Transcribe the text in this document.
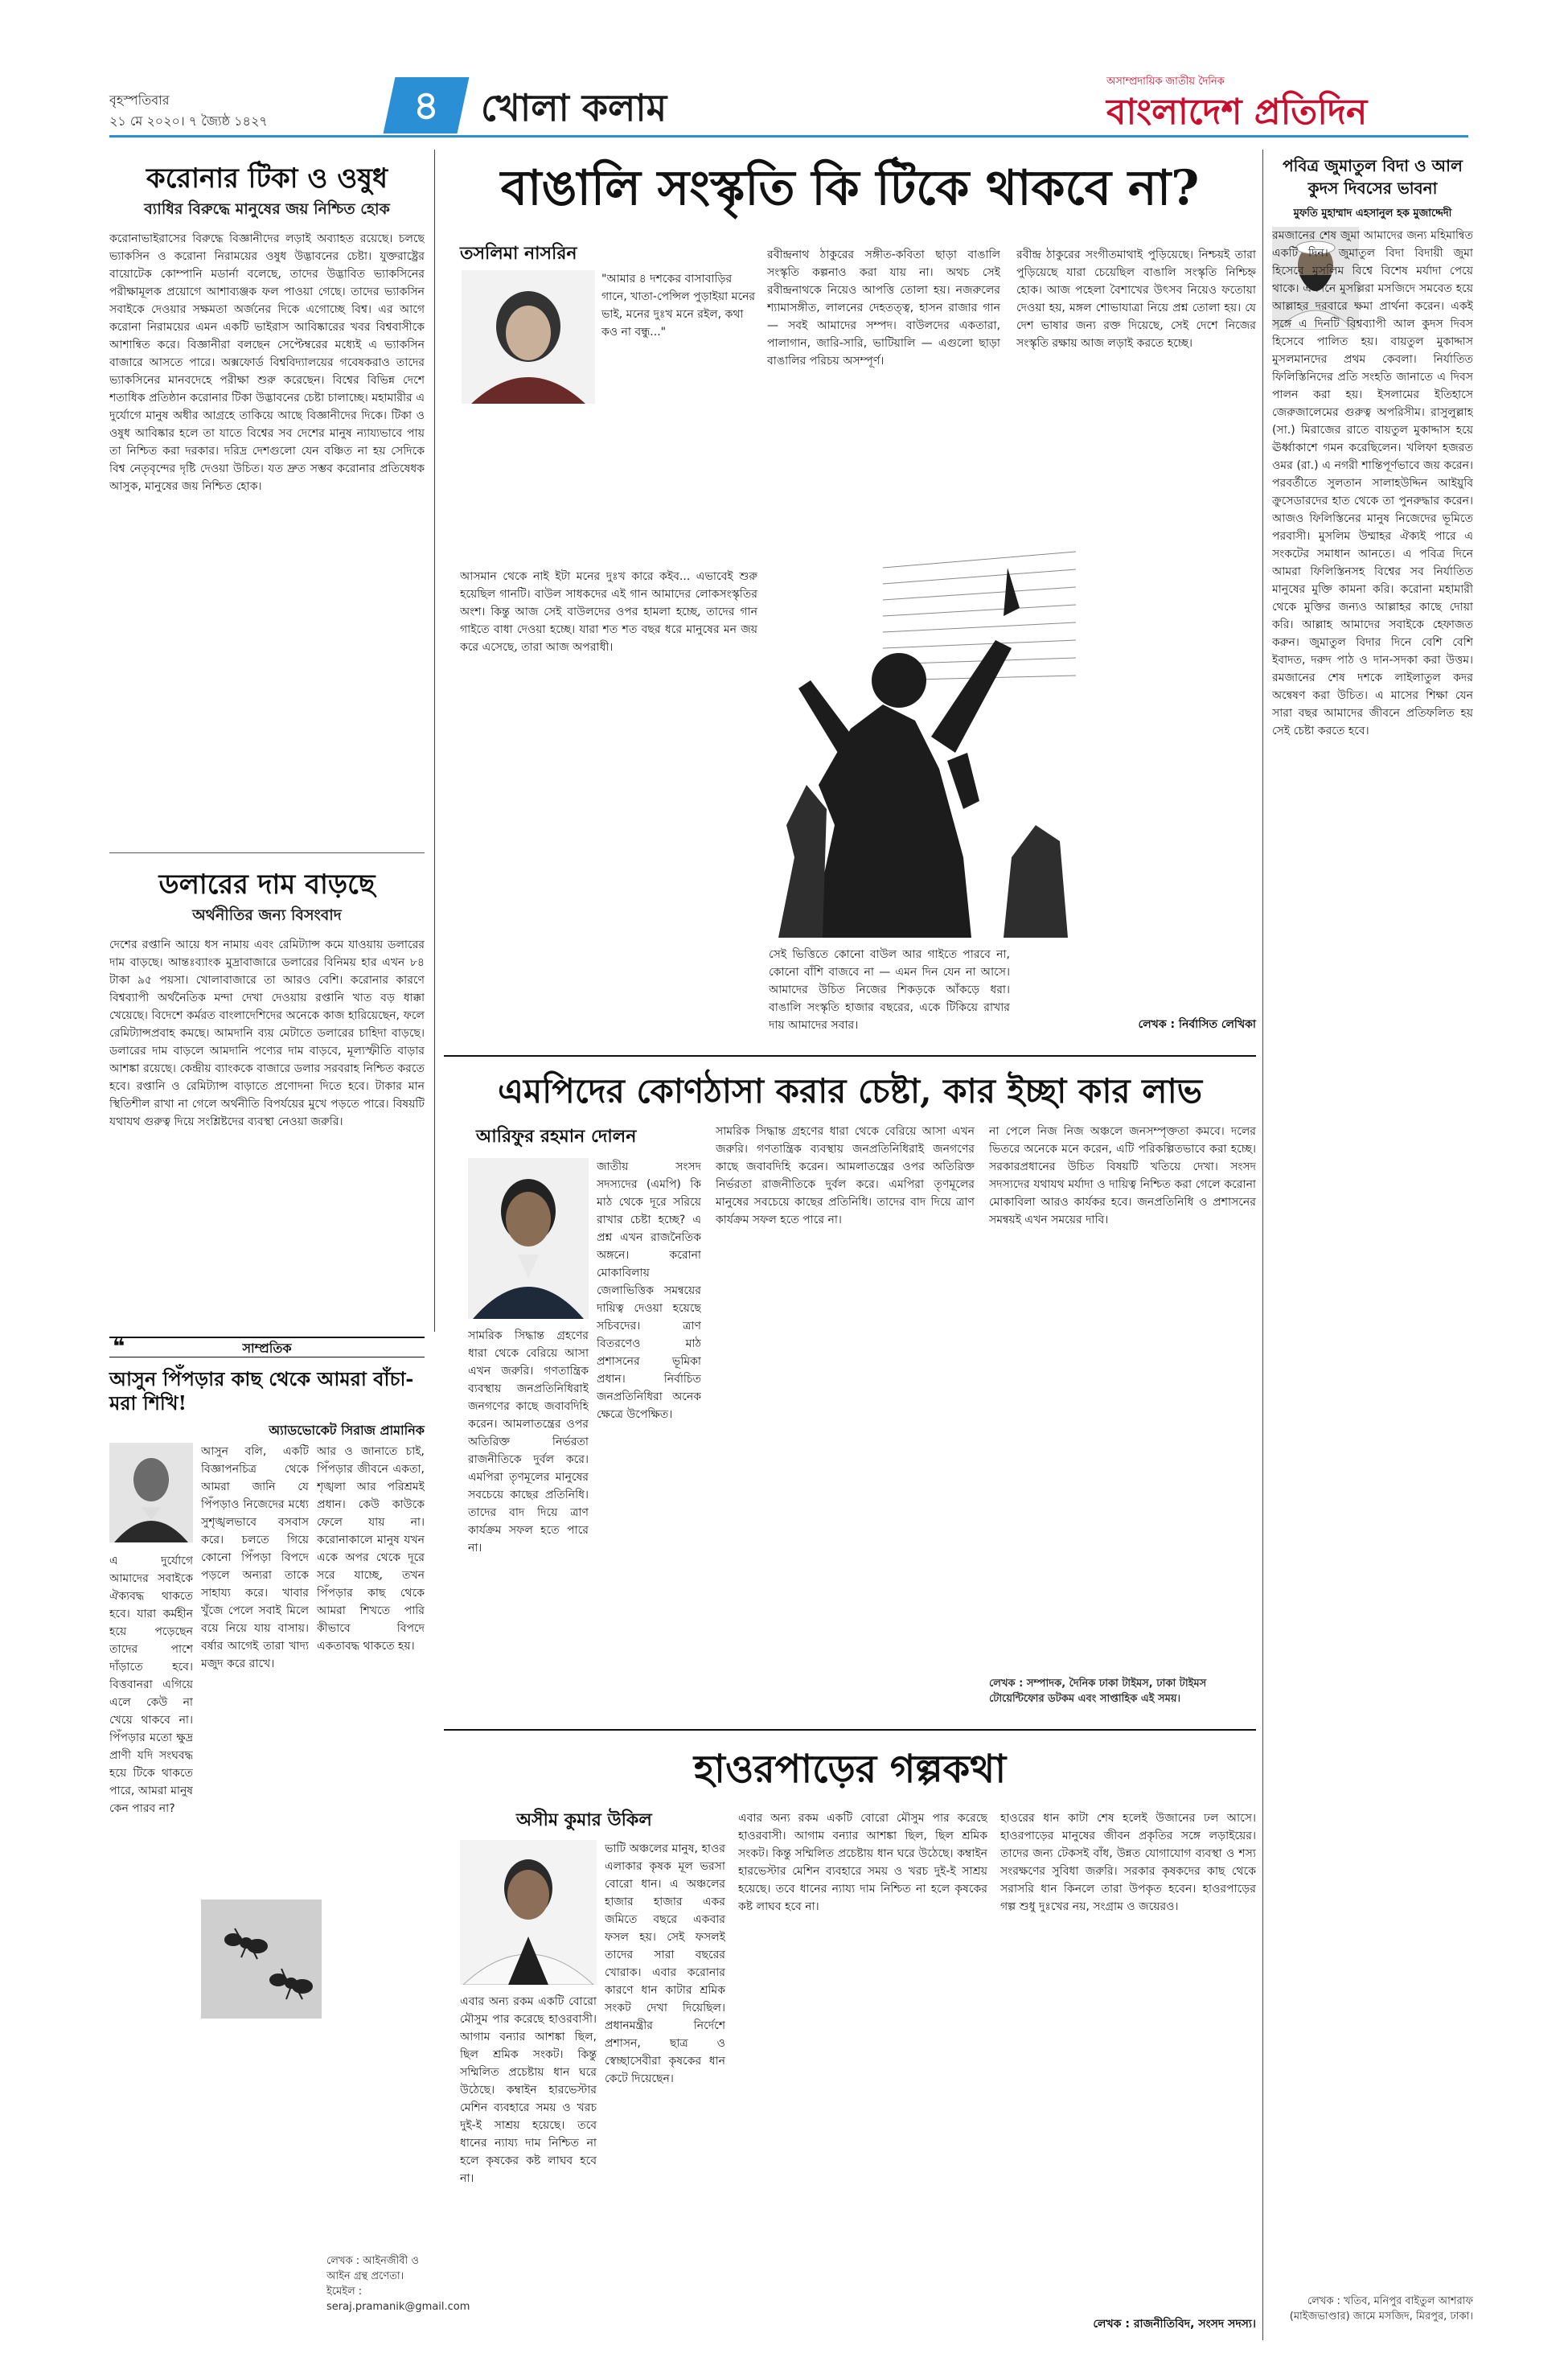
বৃহস্পতিবার
২১ মে ২০২০। ৭ জ্যৈষ্ঠ ১৪২৭	৪	খোলা কলাম
অসাম্প্রদায়িক জাতীয় দৈনিক
বাংলাদেশ প্রতিদিন
করোনার টিকা ও ওষুধ
ব্যাধির বিরুদ্ধে মানুষের জয় নিশ্চিত হোক
করোনাভাইরাসের বিরুদ্ধে বিজ্ঞানীদের লড়াই অব্যাহত রয়েছে। চলছে ভ্যাকসিন ও করোনা নিরাময়ের ওষুধ উদ্ভাবনের চেষ্টা। যুক্তরাষ্ট্রের বায়োটেক কোম্পানি মডার্না বলেছে, তাদের উদ্ভাবিত ভ্যাকসিনের পরীক্ষামূলক প্রয়োগে আশাব্যঞ্জক ফল পাওয়া গেছে। তাদের ভ্যাকসিন সবাইকে দেওয়ার সক্ষমতা অর্জনের দিকে এগোচ্ছে বিশ্ব। এর আগে করোনা নিরাময়ের এমন একটি ভাইরাস আবিষ্কারের খবর বিশ্ববাসীকে আশান্বিত করে। বিজ্ঞানীরা বলছেন সেপ্টেম্বরের মধ্যেই এ ভ্যাকসিন বাজারে আসতে পারে। অক্সফোর্ড বিশ্ববিদ্যালয়ের গবেষকরাও তাদের ভ্যাকসিনের মানবদেহে পরীক্ষা শুরু করেছেন। বিশ্বের বিভিন্ন দেশে শতাধিক প্রতিষ্ঠান করোনার টিকা উদ্ভাবনের চেষ্টা চালাচ্ছে। মহামারীর এ দুর্যোগে মানুষ অধীর আগ্রহে তাকিয়ে আছে বিজ্ঞানীদের দিকে। টিকা ও ওষুধ আবিষ্কার হলে তা যাতে বিশ্বের সব দেশের মানুষ ন্যায্যভাবে পায় তা নিশ্চিত করা দরকার। দরিদ্র দেশগুলো যেন বঞ্চিত না হয় সেদিকে বিশ্ব নেতৃবৃন্দের দৃষ্টি দেওয়া উচিত। যত দ্রুত সম্ভব করোনার প্রতিষেধক আসুক, মানুষের জয় নিশ্চিত হোক।
ডলারের দাম বাড়ছে
অর্থনীতির জন্য বিসংবাদ
দেশের রপ্তানি আয়ে ধস নামায় এবং রেমিট্যান্স কমে যাওয়ায় ডলারের দাম বাড়ছে। আন্তঃব্যাংক মুদ্রাবাজারে ডলারের বিনিময় হার এখন ৮৪ টাকা ৯৫ পয়সা। খোলাবাজারে তা আরও বেশি। করোনার কারণে বিশ্বব্যাপী অর্থনৈতিক মন্দা দেখা দেওয়ায় রপ্তানি খাত বড় ধাক্কা খেয়েছে। বিদেশে কর্মরত বাংলাদেশিদের অনেকে কাজ হারিয়েছেন, ফলে রেমিট্যান্সপ্রবাহ কমছে। আমদানি ব্যয় মেটাতে ডলারের চাহিদা বাড়ছে। ডলারের দাম বাড়লে আমদানি পণ্যের দাম বাড়বে, মূল্যস্ফীতি বাড়ার আশঙ্কা রয়েছে। কেন্দ্রীয় ব্যাংককে বাজারে ডলার সরবরাহ নিশ্চিত করতে হবে। রপ্তানি ও রেমিট্যান্স বাড়াতে প্রণোদনা দিতে হবে। টাকার মান স্থিতিশীল রাখা না গেলে অর্থনীতি বিপর্যয়ের মুখে পড়তে পারে। বিষয়টি যথাযথ গুরুত্ব দিয়ে সংশ্লিষ্টদের ব্যবস্থা নেওয়া জরুরি।
❝	সাম্প্রতিক
আসুন পিঁপড়ার কাছ থেকে আমরা বাঁচা-মরা শিখি!
অ্যাডভোকেট সিরাজ প্রামানিক
আসুন বলি, একটি বিজ্ঞাপনচিত্র থেকে আমরা জানি যে পিঁপড়াও নিজেদের মধ্যে সুশৃঙ্খলভাবে বসবাস করে। চলতে গিয়ে কোনো পিঁপড়া বিপদে পড়লে অন্যরা তাকে সাহায্য করে। খাবার খুঁজে পেলে সবাই মিলে বয়ে নিয়ে যায় বাসায়। বর্ষার আগেই তারা খাদ্য মজুদ করে রাখে।
আর ও জানাতে চাই, পিঁপড়ার জীবনে একতা, শৃঙ্খলা আর পরিশ্রমই প্রধান। কেউ কাউকে ফেলে যায় না। করোনাকালে মানুষ যখন একে অপর থেকে দূরে সরে যাচ্ছে, তখন পিঁপড়ার কাছ থেকে আমরা শিখতে পারি কীভাবে বিপদে একতাবদ্ধ থাকতে হয়।
এ দুর্যোগে আমাদের সবাইকে ঐক্যবদ্ধ থাকতে হবে। যারা কর্মহীন হয়ে পড়েছেন তাদের পাশে দাঁড়াতে হবে। বিত্তবানরা এগিয়ে এলে কেউ না খেয়ে থাকবে না। পিঁপড়ার মতো ক্ষুদ্র প্রাণী যদি সংঘবদ্ধ হয়ে টিকে থাকতে পারে, আমরা মানুষ কেন পারব না?
লেখক : আইনজীবী ও আইন গ্রন্থ প্রণেতা। ইমেইল : seraj.pramanik@gmail.com
বাঙালি সংস্কৃতি কি টিকে থাকবে না?
তসলিমা নাসরিন
"আমার ৪ দশকের বাসাবাড়ির গানে, খাতা-পেন্সিল পুড়াইয়া মনের ভাই, মনের দুঃখ মনে রইল, কথা কও না বন্ধু..."
আসমান থেকে নাই ইটা মনের দুঃখ কারে কইব... এভাবেই শুরু হয়েছিল গানটি। বাউল সাধকদের এই গান আমাদের লোকসংস্কৃতির অংশ। কিন্তু আজ সেই বাউলদের ওপর হামলা হচ্ছে, তাদের গান গাইতে বাধা দেওয়া হচ্ছে। যারা শত শত বছর ধরে মানুষের মন জয় করে এসেছে, তারা আজ অপরাধী।
রবীন্দ্রনাথ ঠাকুরের সঙ্গীত-কবিতা ছাড়া বাঙালি সংস্কৃতি কল্পনাও করা যায় না। অথচ সেই রবীন্দ্রনাথকে নিয়েও আপত্তি তোলা হয়। নজরুলের শ্যামাসঙ্গীত, লালনের দেহতত্ত্ব, হাসন রাজার গান — সবই আমাদের সম্পদ। বাউলদের একতারা, পালাগান, জারি-সারি, ভাটিয়ালি — এগুলো ছাড়া বাঙালির পরিচয় অসম্পূর্ণ।
রবীন্দ্র ঠাকুরের সংগীতমাথাই পুড়িয়েছে। নিশ্চয়ই তারা পুড়িয়েছে যারা চেয়েছিল বাঙালি সংস্কৃতি নিশ্চিহ্ন হোক। আজ পহেলা বৈশাখের উৎসব নিয়েও ফতোয়া দেওয়া হয়, মঙ্গল শোভাযাত্রা নিয়ে প্রশ্ন তোলা হয়। যে দেশ ভাষার জন্য রক্ত দিয়েছে, সেই দেশে নিজের সংস্কৃতি রক্ষায় আজ লড়াই করতে হচ্ছে।
সেই ভিত্তিতে কোনো বাউল আর গাইতে পারবে না, কোনো বাঁশি বাজবে না — এমন দিন যেন না আসে। আমাদের উচিত নিজের শিকড়কে আঁকড়ে ধরা। বাঙালি সংস্কৃতি হাজার বছরের, একে টিকিয়ে রাখার দায় আমাদের সবার।	লেখক : নির্বাসিত লেখিকা
পবিত্র জুমাতুল বিদা ও আল কুদস দিবসের ভাবনা
মুফতি মুহাম্মাদ এহসানুল হক মুজাদ্দেদী
রমজানের শেষ জুমা আমাদের জন্য মহিমান্বিত একটি দিন। জুমাতুল বিদা বিদায়ী জুমা হিসেবে মুসলিম বিশ্বে বিশেষ মর্যাদা পেয়ে থাকে। এ দিনে মুসল্লিরা মসজিদে সমবেত হয়ে আল্লাহর দরবারে ক্ষমা প্রার্থনা করেন। একই সঙ্গে এ দিনটি বিশ্বব্যাপী আল কুদস দিবস হিসেবে পালিত হয়। বায়তুল মুকাদ্দাস মুসলমানদের প্রথম কেবলা। নির্যাতিত ফিলিস্তিনিদের প্রতি সংহতি জানাতে এ দিবস পালন করা হয়। ইসলামের ইতিহাসে জেরুজালেমের গুরুত্ব অপরিসীম। রাসুলুল্লাহ (সা.) মিরাজের রাতে বায়তুল মুকাদ্দাস হয়ে ঊর্ধ্বাকাশে গমন করেছিলেন। খলিফা হজরত ওমর (রা.) এ নগরী শান্তিপূর্ণভাবে জয় করেন। পরবর্তীতে সুলতান সালাহউদ্দিন আইয়ুবি ক্রুসেডারদের হাত থেকে তা পুনরুদ্ধার করেন। আজও ফিলিস্তিনের মানুষ নিজেদের ভূমিতে পরবাসী। মুসলিম উম্মাহর ঐক্যই পারে এ সংকটের সমাধান আনতে। এ পবিত্র দিনে আমরা ফিলিস্তিনসহ বিশ্বের সব নির্যাতিত মানুষের মুক্তি কামনা করি। করোনা মহামারী থেকে মুক্তির জন্যও আল্লাহর কাছে দোয়া করি। আল্লাহ আমাদের সবাইকে হেফাজত করুন। জুমাতুল বিদার দিনে বেশি বেশি ইবাদত, দরুদ পাঠ ও দান-সদকা করা উত্তম। রমজানের শেষ দশকে লাইলাতুল কদর অন্বেষণ করা উচিত। এ মাসের শিক্ষা যেন সারা বছর আমাদের জীবনে প্রতিফলিত হয় সেই চেষ্টা করতে হবে।
লেখক : খতিব, মনিপুর বাইতুল আশরাফ (মাইজভাণ্ডার) জামে মসজিদ, মিরপুর, ঢাকা।
এমপিদের কোণঠাসা করার চেষ্টা, কার ইচ্ছা কার লাভ
আরিফুর রহমান দোলন
জাতীয় সংসদ সদস্যদের (এমপি) কি মাঠ থেকে দূরে সরিয়ে রাখার চেষ্টা হচ্ছে? এ প্রশ্ন এখন রাজনৈতিক অঙ্গনে। করোনা মোকাবিলায় জেলাভিত্তিক সমন্বয়ের দায়িত্ব দেওয়া হয়েছে সচিবদের। ত্রাণ বিতরণেও মাঠ প্রশাসনের ভূমিকা প্রধান। নির্বাচিত জনপ্রতিনিধিরা অনেক ক্ষেত্রে উপেক্ষিত।
সামরিক সিদ্ধান্ত গ্রহণের ধারা থেকে বেরিয়ে আসা এখন জরুরি। গণতান্ত্রিক ব্যবস্থায় জনপ্রতিনিধিরাই জনগণের কাছে জবাবদিহি করেন। আমলাতন্ত্রের ওপর অতিরিক্ত নির্ভরতা রাজনীতিকে দুর্বল করে। এমপিরা তৃণমূলের মানুষের সবচেয়ে কাছের প্রতিনিধি। তাদের বাদ দিয়ে ত্রাণ কার্যক্রম সফল হতে পারে না।
সামরিক সিদ্ধান্ত গ্রহণের ধারা থেকে বেরিয়ে আসা এখন জরুরি। গণতান্ত্রিক ব্যবস্থায় জনপ্রতিনিধিরাই জনগণের কাছে জবাবদিহি করেন। আমলাতন্ত্রের ওপর অতিরিক্ত নির্ভরতা রাজনীতিকে দুর্বল করে। এমপিরা তৃণমূলের মানুষের সবচেয়ে কাছের প্রতিনিধি। তাদের বাদ দিয়ে ত্রাণ কার্যক্রম সফল হতে পারে না।
না পেলে নিজ নিজ অঞ্চলে জনসম্পৃক্ততা কমবে। দলের ভিতরে অনেকে মনে করেন, এটি পরিকল্পিতভাবে করা হচ্ছে। সরকারপ্রধানের উচিত বিষয়টি খতিয়ে দেখা। সংসদ সদস্যদের যথাযথ মর্যাদা ও দায়িত্ব নিশ্চিত করা গেলে করোনা মোকাবিলা আরও কার্যকর হবে। জনপ্রতিনিধি ও প্রশাসনের সমন্বয়ই এখন সময়ের দাবি।
লেখক : সম্পাদক, দৈনিক ঢাকা টাইমস, ঢাকা টাইমস টোয়েন্টিফোর ডটকম এবং সাপ্তাহিক এই সময়।
হাওরপাড়ের গল্পকথা
অসীম কুমার উকিল
ভাটি অঞ্চলের মানুষ, হাওর এলাকার কৃষক মূল ভরসা বোরো ধান। এ অঞ্চলের হাজার হাজার একর জমিতে বছরে একবার ফসল হয়। সেই ফসলই তাদের সারা বছরের খোরাক। এবার করোনার কারণে ধান কাটার শ্রমিক সংকট দেখা দিয়েছিল। প্রধানমন্ত্রীর নির্দেশে প্রশাসন, ছাত্র ও স্বেচ্ছাসেবীরা কৃষকের ধান কেটে দিয়েছেন।
এবার অন্য রকম একটি বোরো মৌসুম পার করেছে হাওরবাসী। আগাম বন্যার আশঙ্কা ছিল, ছিল শ্রমিক সংকট। কিন্তু সম্মিলিত প্রচেষ্টায় ধান ঘরে উঠেছে। কম্বাইন হারভেস্টার মেশিন ব্যবহারে সময় ও খরচ দুই-ই সাশ্রয় হয়েছে। তবে ধানের ন্যায্য দাম নিশ্চিত না হলে কৃষকের কষ্ট লাঘব হবে না।
এবার অন্য রকম একটি বোরো মৌসুম পার করেছে হাওরবাসী। আগাম বন্যার আশঙ্কা ছিল, ছিল শ্রমিক সংকট। কিন্তু সম্মিলিত প্রচেষ্টায় ধান ঘরে উঠেছে। কম্বাইন হারভেস্টার মেশিন ব্যবহারে সময় ও খরচ দুই-ই সাশ্রয় হয়েছে। তবে ধানের ন্যায্য দাম নিশ্চিত না হলে কৃষকের কষ্ট লাঘব হবে না।
হাওরের ধান কাটা শেষ হলেই উজানের ঢল আসে। হাওরপাড়ের মানুষের জীবন প্রকৃতির সঙ্গে লড়াইয়ের। তাদের জন্য টেকসই বাঁধ, উন্নত যোগাযোগ ব্যবস্থা ও শস্য সংরক্ষণের সুবিধা জরুরি। সরকার কৃষকদের কাছ থেকে সরাসরি ধান কিনলে তারা উপকৃত হবেন। হাওরপাড়ের গল্প শুধু দুঃখের নয়, সংগ্রাম ও জয়েরও।
লেখক : রাজনীতিবিদ, সংসদ সদস্য।
